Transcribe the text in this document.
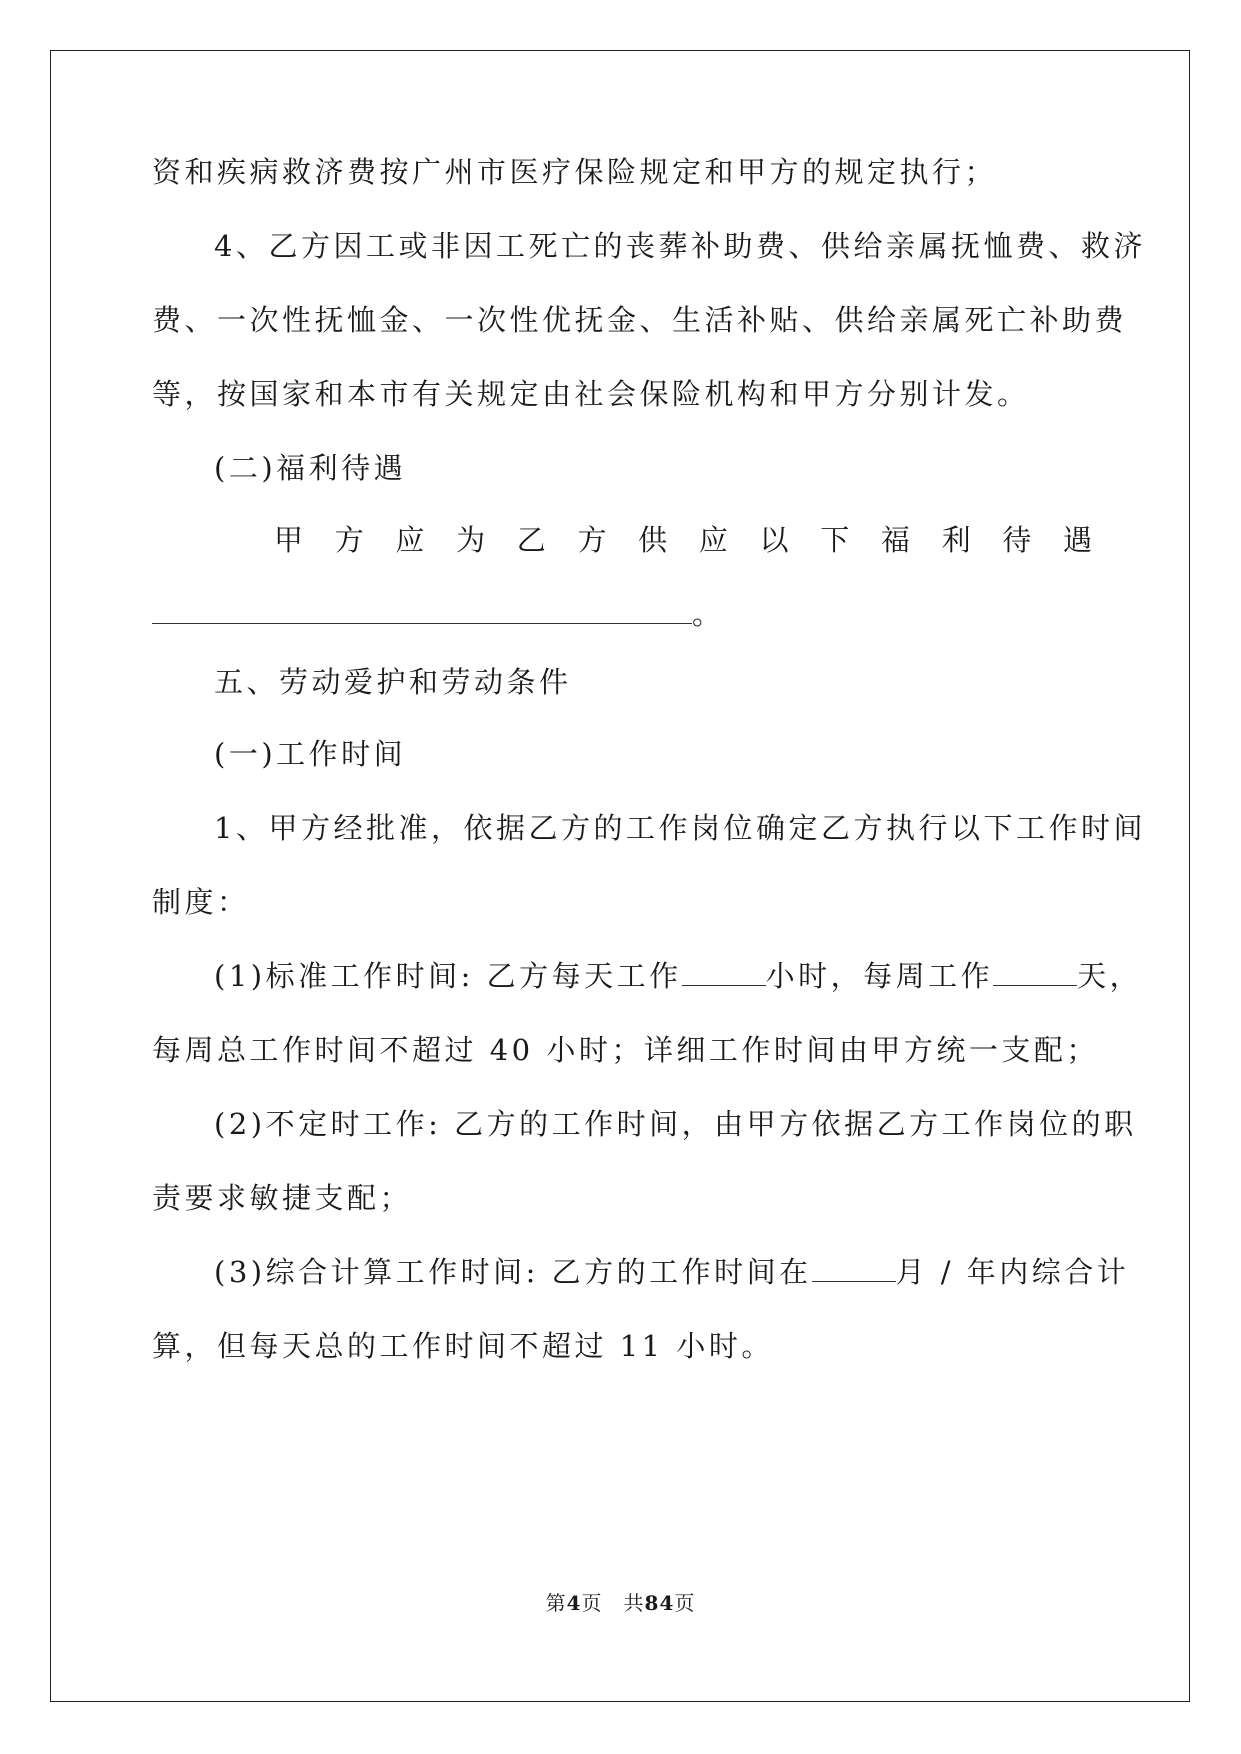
资和疾病救济费按广州市医疗保险规定和甲方的规定执行；
4、乙方因工或非因工死亡的丧葬补助费、供给亲属抚恤费、救济
费、一次性抚恤金、一次性优抚金、生活补贴、供给亲属死亡补助费
等，按国家和本市有关规定由社会保险机构和甲方分别计发。
(二)福利待遇
甲 方 应 为 乙 方 供 应 以 下 福 利 待 遇
。
五、劳动爱护和劳动条件
(一)工作时间
1、甲方经批准，依据乙方的工作岗位确定乙方执行以下工作时间
制度：
(1)标准工作时间: 乙方每天工作	小时，每周工作	天，
每周总工作时间不超过 40 小时；详细工作时间由甲方统一支配；
(2)不定时工作: 乙方的工作时间，由甲方依据乙方工作岗位的职
责要求敏捷支配；
(3)综合计算工作时间: 乙方的工作时间在	月 / 年内综合计
算，但每天总的工作时间不超过 11 小时。
第4页　共84页
